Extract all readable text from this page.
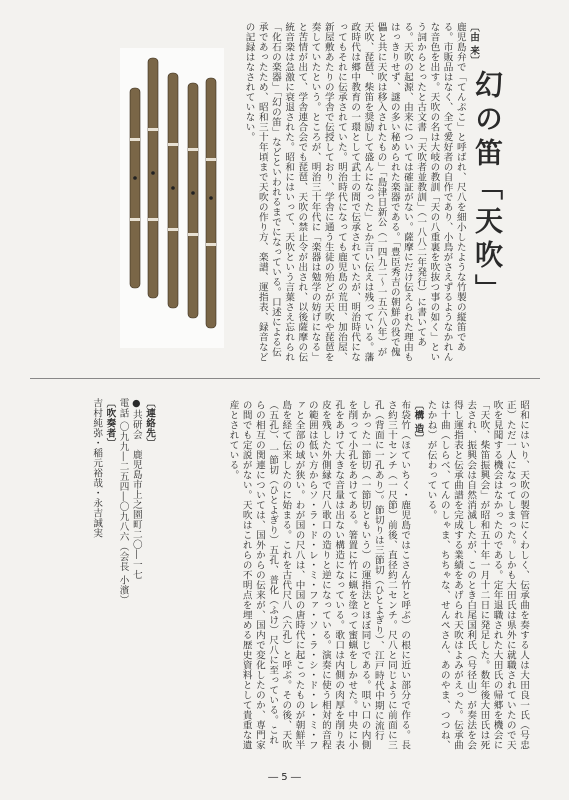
幻の笛「天吹」

〔由 来〕

鹿児島弁で「てんぷこ」と呼ばれ、尺八を細小したような竹製の縦笛である。市販品はなく、全て愛好者の自作であり、小鳥がさえずるようなかれんな音色を出す。天吹の名は大岐の教訓「天の八重裏を吹抜つ事の如く」という詞からとったと古文書「天吹者並教訓」（一八八二年発行）に書いてある。天吹の起源、由来については確証がない。薩摩にだけ伝えられた理由もはっきりせず、謎の多い秘められた楽器である。「豊臣秀吉の朝鮮の役で傀儡と共に天吹は移入されたもの」「島津日新公（一四九二〜一五六八年）が天吹、琵琶、柴笛を奨励して盛んになった」とか言い伝えは残っている。藩政時代は郷中教育の一環として武士の間で伝承されていたが、明治時代になってもそれに伝承されていた。明治時代になっても鹿児島の荒田、加治屋、新屋敷あたりの学舎で伝授しており、学舎に通う生徒の殆どが天吹や琵琶を奏していたという。ところが、明治三十年代に「楽器は勉学の妨げになる」と苦情が出て、学舎連合会でも琵琶、天吹の禁止令が出され、以後薩摩の伝統音楽は急激に衰退された。昭和にはいって、天吹という言葉さえ忘れられ「化石の楽器」「幻の笛」などといわれるまでになっている。口述による伝承であったため、昭和三十年頃まで天吹の作り方、楽譜、運指表、録音などの記録はなされていない。

昭和にはいり、天吹の製管にくわしく、伝承曲を奏する人は大田良一氏（号忠正）ただ一人になってしまった。しかも大田氏は県外に就職されていたので天吹を見聞する機会はなかったのである。定年退職された大田氏の帰郷を機会に「天吹、柴笛振興会」が昭和五十年一月十二日に発足した。数年後大田氏は死去され、振興会は自然消滅したが、このとき白尾国利氏（号径山）が奏法を会得し運指表と伝承曲譜を完成する業績をあげられ天吹はよみがえった。伝承曲は十曲（しらべ、てんのしゃま、ちちゃな、せんぺさん、あのやま、つつね、たかね）が伝わっている。

〔構 造〕

布袋竹（ほていちく・鹿児島ではこさん竹と呼ぶ）の根に近い部分で作る。長さ約三十センチ（一尺節）前後、直径約二センチ。尺八と同じように前面に三孔（背面に一孔あり）。節切りは三節切（ひとよぎり）、江戸時代中期に流行しかった一節切（一節切ともいう）の運指法とほぼ同じである。唄い口の内側を削って小孔をあけてある。箸置に竹に蝋を塗って蜜蝋をしかせた。中央に小孔をあけて大きな音量は出ない構造になっている。歌口は内側の肉厚を削り表皮を残した外側縁で尺八歌口の造りと逆になっている。演奏に使う相対的音程の範囲は低い方からソ・ラ・ド・レ・ミ・ファ・ソ・ラ・シ・ド・レ・ミ・ファと全部の域が狭い。わが国の尺八は、中国の唐時代に起こったものが朝鮮半島を経て伝来したのに始まる。これを古代尺八（六孔）と呼ぶ。その後、天吹（五孔）、一節切（ひとよぎり）五孔、普化（ふけ）尺八に至っている。これらの相互の関連については、国外からの伝来が、国内で変化したのか、専門家の間でも定説がない。天吹はこれらの不明点を埋める歴史資料として貴重な遺産とされている。

〔連絡先〕

●共研会　鹿児島市上之園町二〇―一七

電話 〇九九―二五四―〇九八六（会長 小濱）

〔吹奏者〕

吉村純弥・稲元裕哉・永吉誠実

― 5 ―
